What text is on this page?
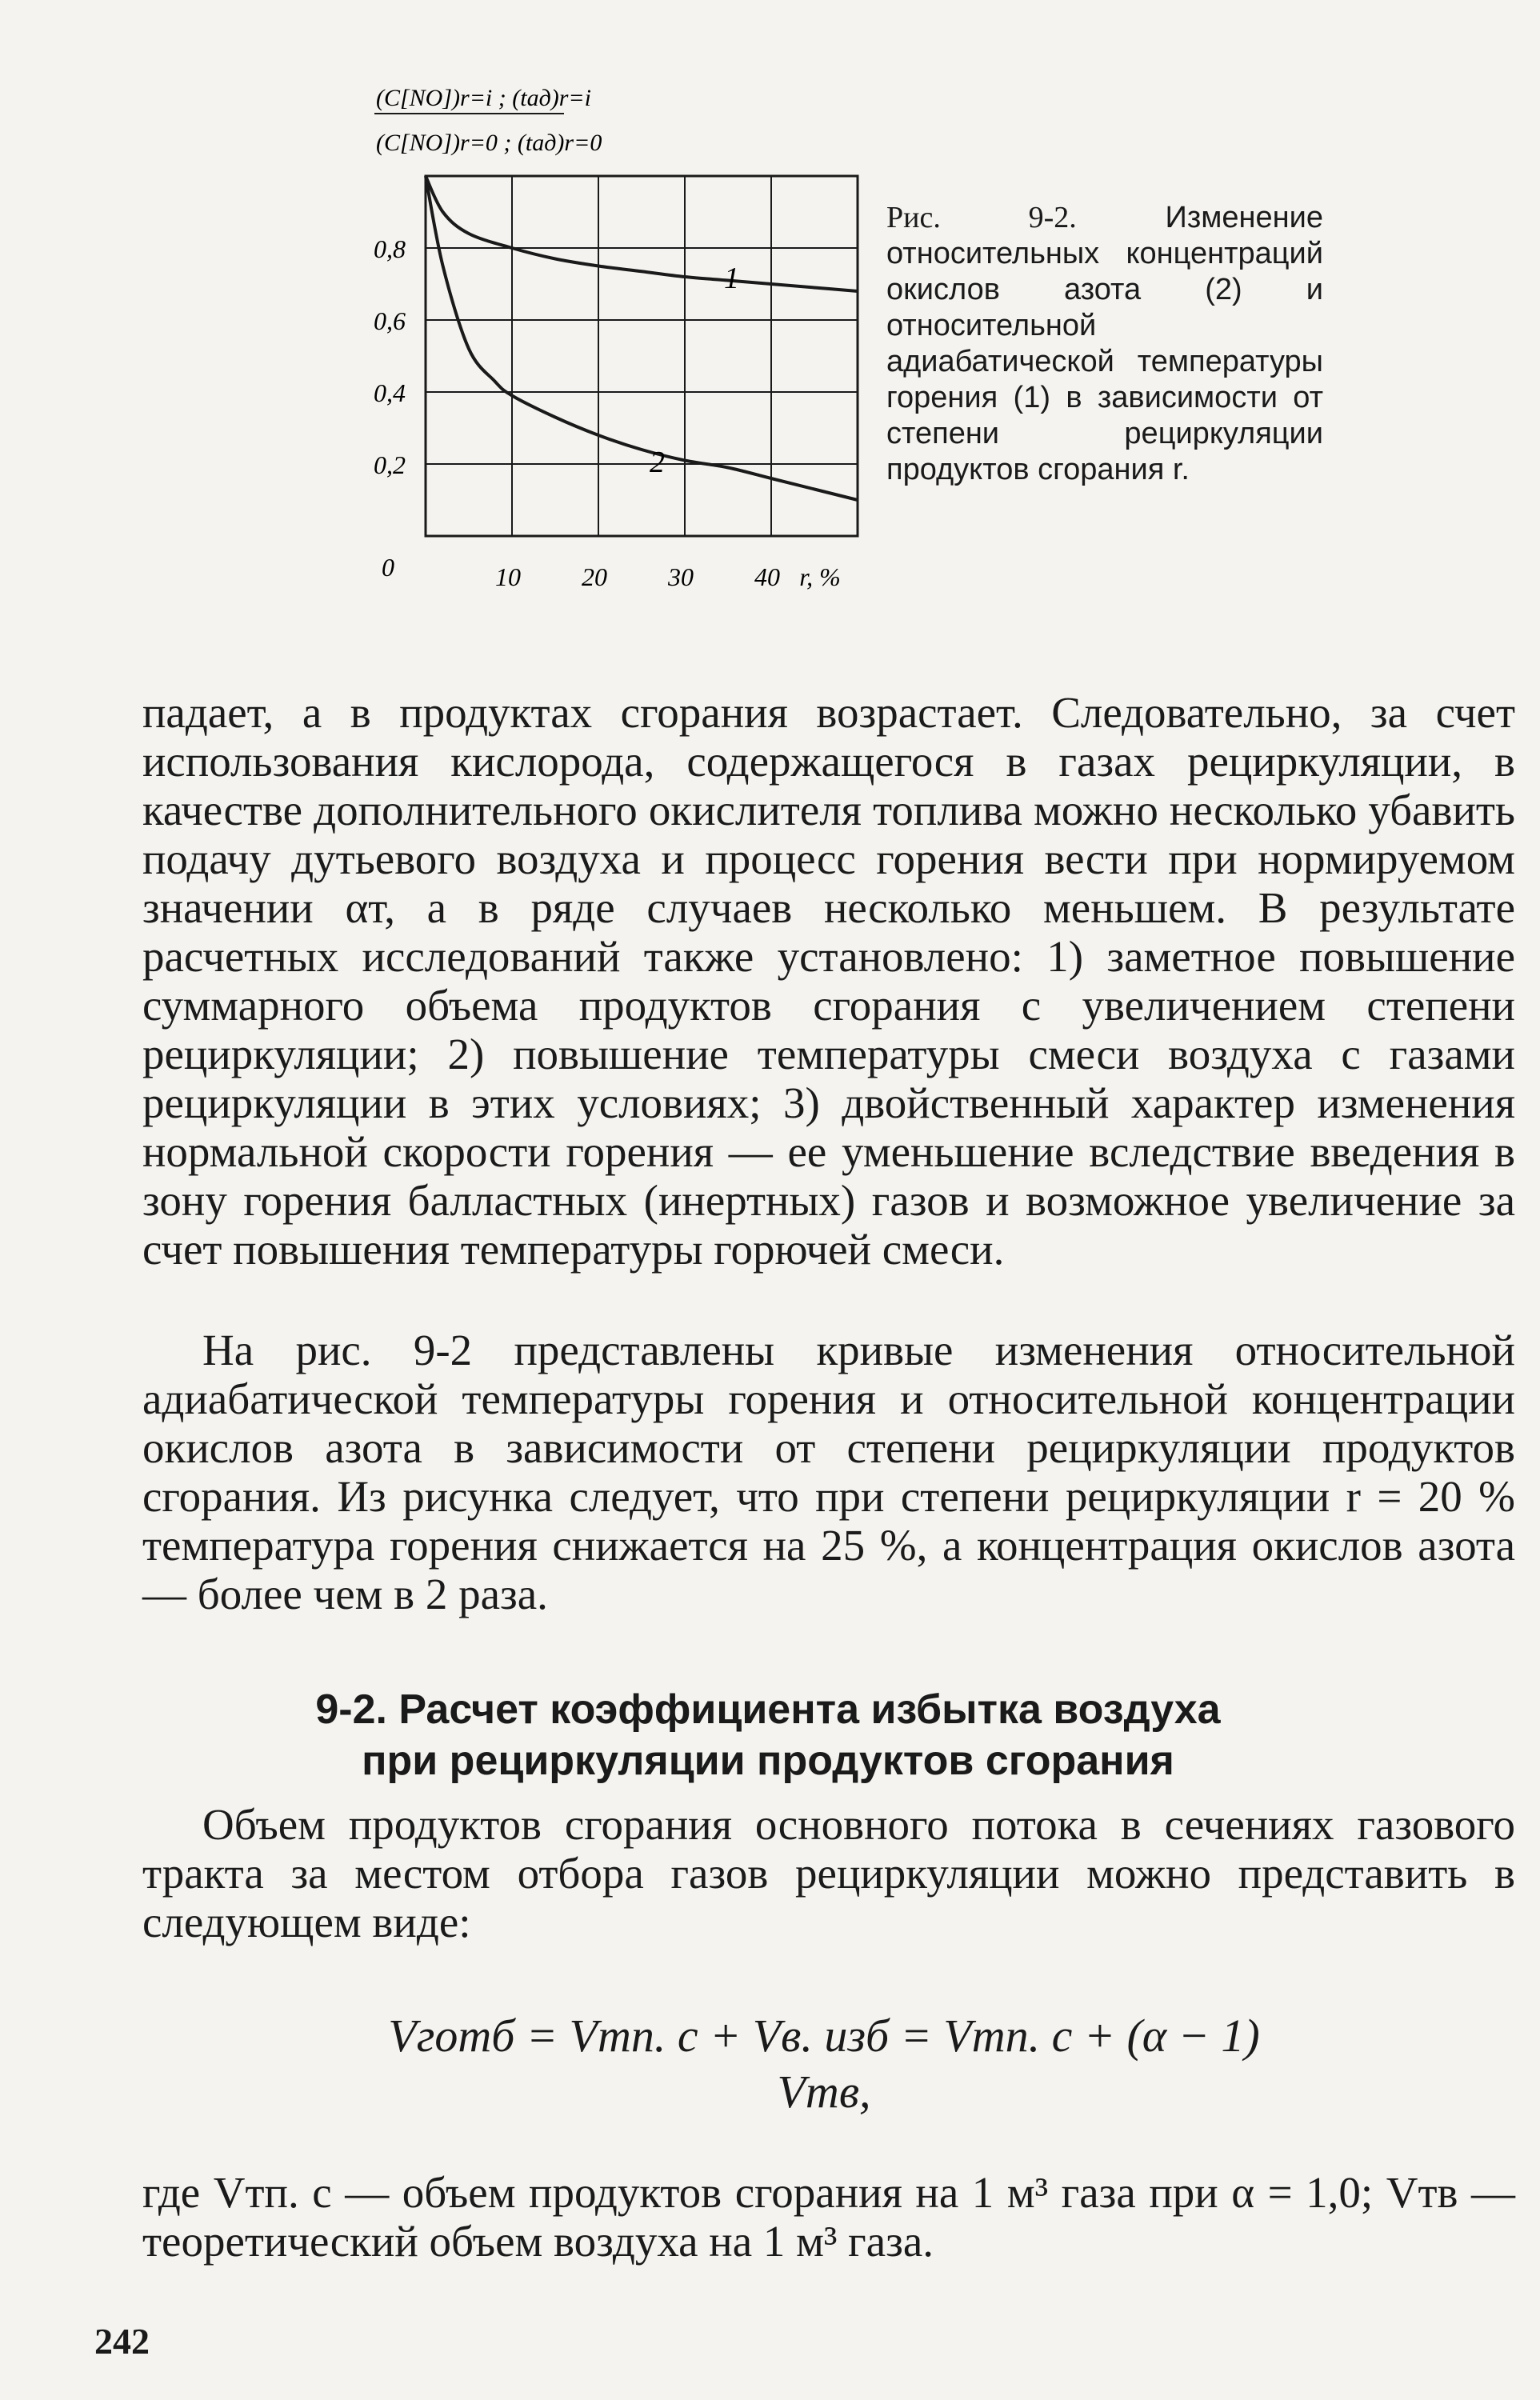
(C[NO])r=i ; (tад)r=i
(C[NO])r=0 ; (tад)r=0
0,8
0,6
0,4
0,2
0	10 20 30 40 r, %
1
2
Рис. 9-2.	Изменение относительных концентраций окислов азота (2) и относительной адиабатической температуры горения (1) в зависимости от степени рециркуляции продуктов сгорания r.
падает, а в продуктах сгорания возрастает. Следовательно, за счет использования кислорода, содержащегося в газах рециркуляции, в качестве дополнительного окислителя топлива можно несколько убавить подачу дутьевого воздуха и процесс горения вести при нормируемом значении αт, а в ряде случаев несколько меньшем. В результате расчетных исследований также установлено: 1) заметное повышение суммарного объема продуктов сгорания с увеличением степени рециркуляции; 2) повышение температуры смеси воздуха с газами рециркуляции в этих условиях; 3) двойственный характер изменения нормальной скорости горения — ее уменьшение вследствие введения в зону горения балластных (инертных) газов и возможное увеличение за счет повышения температуры горючей смеси.
На рис. 9-2 представлены кривые изменения относительной адиабатической температуры горения и относительной концентрации окислов азота в зависимости от степени рециркуляции продуктов сгорания. Из рисунка следует, что при степени рециркуляции r = 20 % температура горения снижается на 25 %, а концентрация окислов азота — более чем в 2 раза.
9-2. Расчет коэффициента избытка воздуха
при рециркуляции продуктов сгорания
Объем продуктов сгорания основного потока в сечениях газового тракта за местом отбора газов рециркуляции можно представить в следующем виде:
Vготб = Vтп. с + Vв. изб = Vтп. с + (α − 1) Vтв,
где Vтп. с — объем продуктов сгорания на 1 м³ газа при α = 1,0; Vтв — теоретический объем воздуха на 1 м³ газа.
242
